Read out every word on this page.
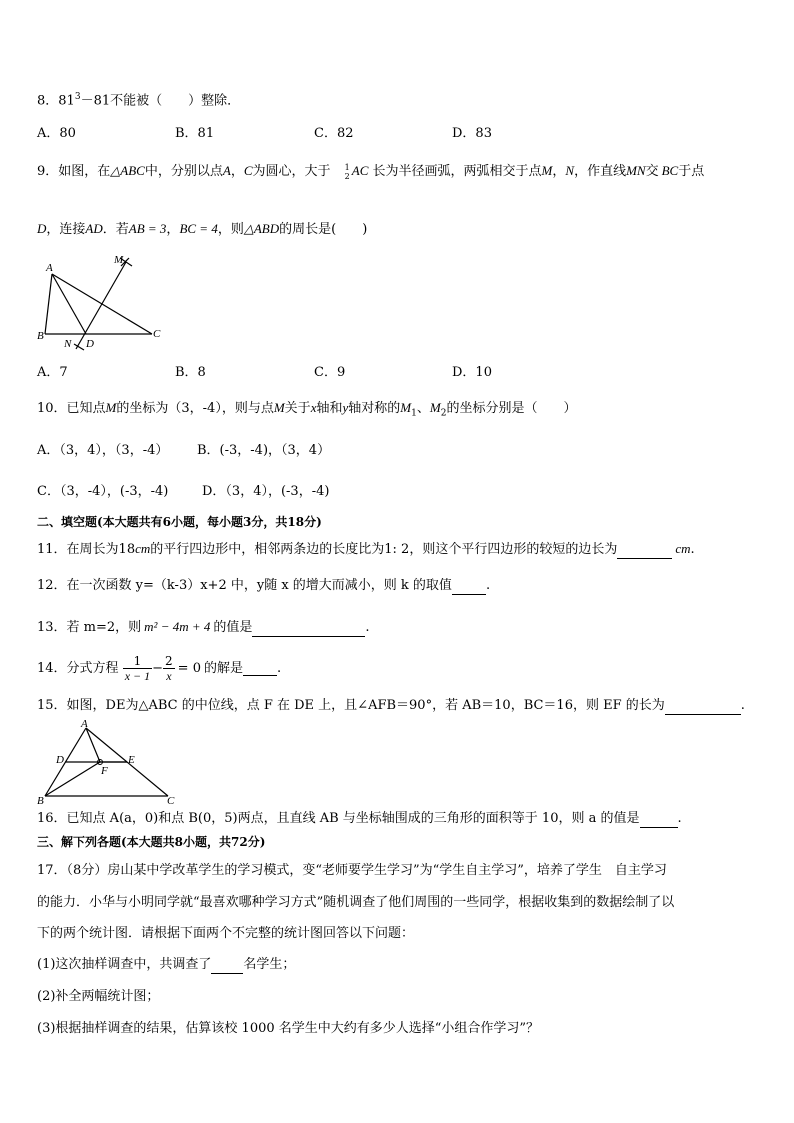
8．$81^3-81$不能被（　　）整除．
A．80	B．81	C．82	D．83
9．如图，在△ABC中，分别以点A，C为圆心，大于 1
2 AC 长为半径画弧，两弧相交于点M，N，作直线MN交 BC于点
D，连接AD．若AB = 3，BC = 4，则△ABD的周长是(　　)
A
M
B
N D
C
A．7	B．8	C．9	D．10
10．已知点M的坐标为（3，-4），则与点M关于x轴和y轴对称的$M_1$、$M_2$的坐标分别是（　　）
A．（3，4），（3，-4） B．(-3，-4)，（3，4）
C．（3，-4），(-3，-4)	D．（3，4），(-3，-4)
二、填空题(本大题共有6小题，每小题3分，共18分)
11．在周长为18cm的平行四边形中，相邻两条边的长度比为1: 2，则这个平行四边形的较短的边长为	cm.
12．在一次函数 y=（k-3）x+2 中，y随 x 的增大而减小，则 k 的取值	.
13．若 m=2，则 m² − 4m + 4 的值是	.
14．分式方程 $\frac{1}{x - 1} - \frac{2}{x} = 0$ 的解是	.
15．如图，DE为△ABC 的中位线，点 F 在 DE 上，且∠AFB＝90°，若 AB＝10，BC＝16，则 EF 的长为	.
A
D	E
F
B	C
16．已知点 A(a，0)和点 B(0，5)两点，且直线 AB 与坐标轴围成的三角形的面积等于 10，则 a 的值是	.
三、解下列各题(本大题共8小题，共72分)
17．（8分）房山某中学改革学生的学习模式，变“老师要学生学习”为“学生自主学习”，培养了学生　自主学习
的能力．小华与小明同学就“最喜欢哪种学习方式”随机调查了他们周围的一些同学，根据收集到的数据绘制了以
下的两个统计图．请根据下面两个不完整的统计图回答以下问题：
(1)这次抽样调查中，共调查了 名学生；
(2)补全两幅统计图；
(3)根据抽样调查的结果，估算该校 1000 名学生中大约有多少人选择“小组合作学习”？
